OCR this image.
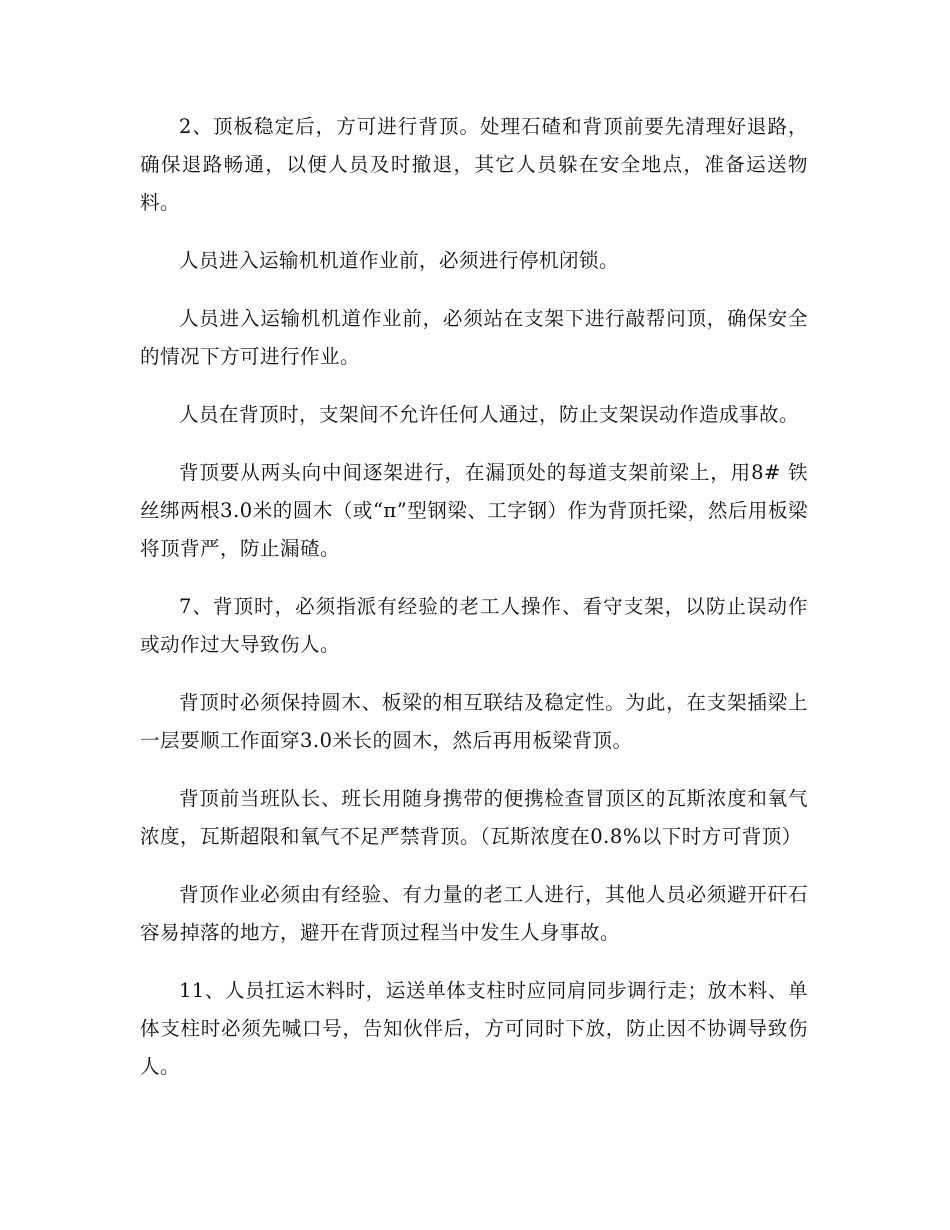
2、顶板稳定后，方可进行背顶。处理石碴和背顶前要先清理好退路，确保退路畅通，以便人员及时撤退，其它人员躲在安全地点，准备运送物料。

人员进入运输机机道作业前，必须进行停机闭锁。

人员进入运输机机道作业前，必须站在支架下进行敲帮问顶，确保安全的情况下方可进行作业。

人员在背顶时，支架间不允许任何人通过，防止支架误动作造成事故。

背顶要从两头向中间逐架进行，在漏顶处的每道支架前梁上，用8# 铁丝绑两根3.0米的圆木（或“π”型钢梁、工字钢）作为背顶托梁，然后用板梁将顶背严，防止漏碴。

7、背顶时，必须指派有经验的老工人操作、看守支架，以防止误动作或动作过大导致伤人。

背顶时必须保持圆木、板梁的相互联结及稳定性。为此，在支架插梁上一层要顺工作面穿3.0米长的圆木，然后再用板梁背顶。

背顶前当班队长、班长用随身携带的便携检查冒顶区的瓦斯浓度和氧气浓度，瓦斯超限和氧气不足严禁背顶。（瓦斯浓度在0.8%以下时方可背顶）

背顶作业必须由有经验、有力量的老工人进行，其他人员必须避开矸石容易掉落的地方，避开在背顶过程当中发生人身事故。

11、人员扛运木料时，运送单体支柱时应同肩同步调行走；放木料、单体支柱时必须先喊口号，告知伙伴后，方可同时下放，防止因不协调导致伤人。
